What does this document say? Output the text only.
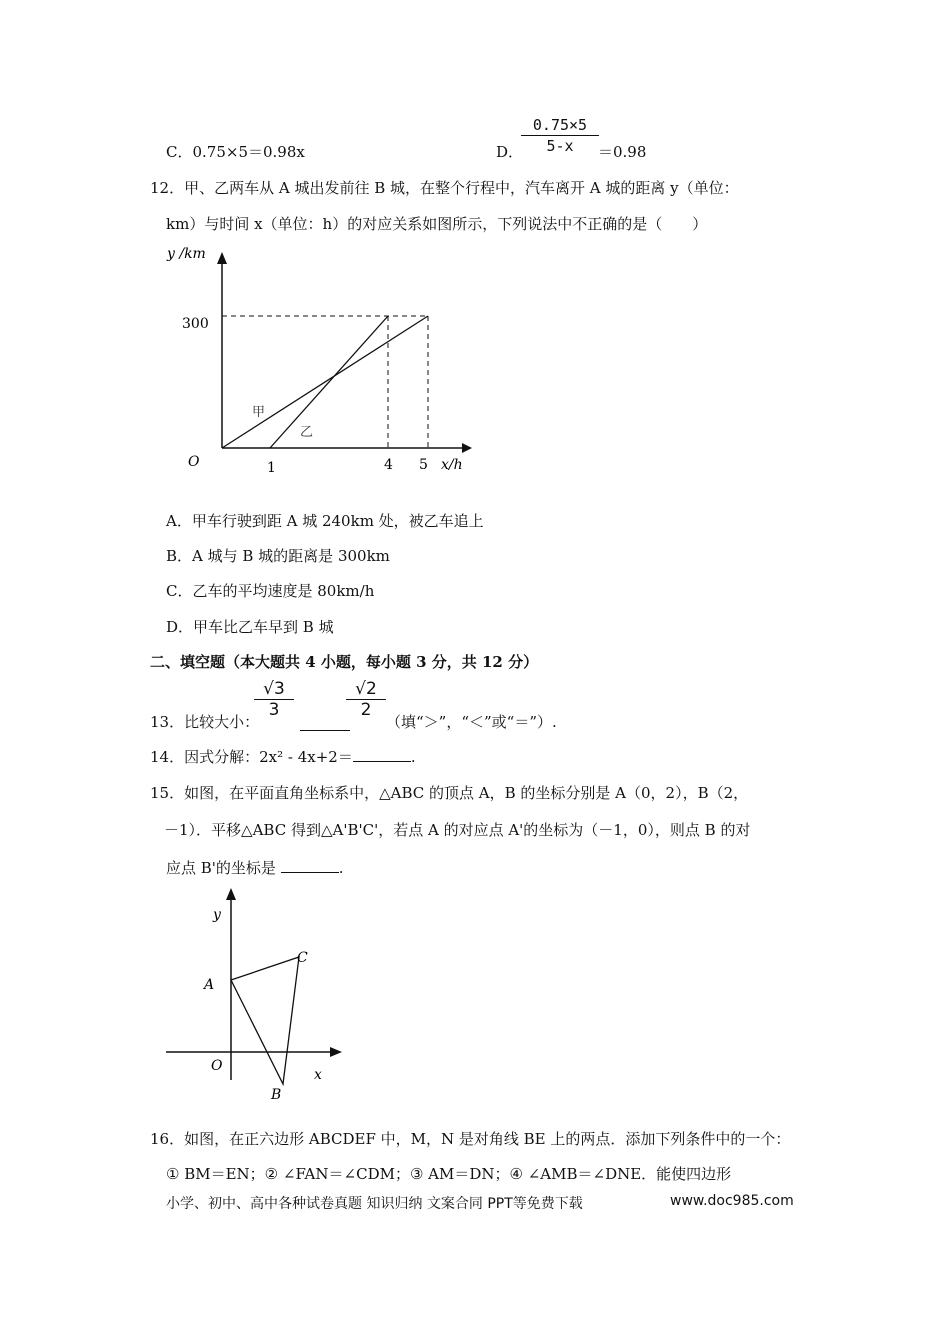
C．0.75×5＝0.98x	D．
0.75×5
5-x	＝0.98
12．甲、乙两车从 A 城出发前往 B 城，在整个行程中，汽车离开 A 城的距离 y（单位：
km）与时间 x（单位：h）的对应关系如图所示，下列说法中不正确的是（　　）
y /km
300
O	1	4 5 x/h
甲
乙
A．甲车行驶到距 A 城 240km 处，被乙车追上
B．A 城与 B 城的距离是 300km
C．乙车的平均速度是 80km/h
D．甲车比乙车早到 B 城
二、填空题（本大题共 4 小题，每小题 3 分，共 12 分）
13．比较大小：
√3
3
√2
2
（填“＞”，“＜”或“＝”）.
14．因式分解：2x² - 4x+2＝	.
15．如图，在平面直角坐标系中，△ABC 的顶点 A，B 的坐标分别是 A（0，2），B（2，
－1）．平移△ABC 得到△A'B'C'，若点 A 的对应点 A'的坐标为（－1，0），则点 B 的对
应点 B'的坐标是	.
y
x
O
A
B
C
16．如图，在正六边形 ABCDEF 中，M，N 是对角线 BE 上的两点．添加下列条件中的一个：
① BM＝EN；② ∠FAN＝∠CDM；③ AM＝DN；④ ∠AMB＝∠DNE．能使四边形
小学、初中、高中各种试卷真题 知识归纳 文案合同 PPT等免费下载	www.doc985.com
